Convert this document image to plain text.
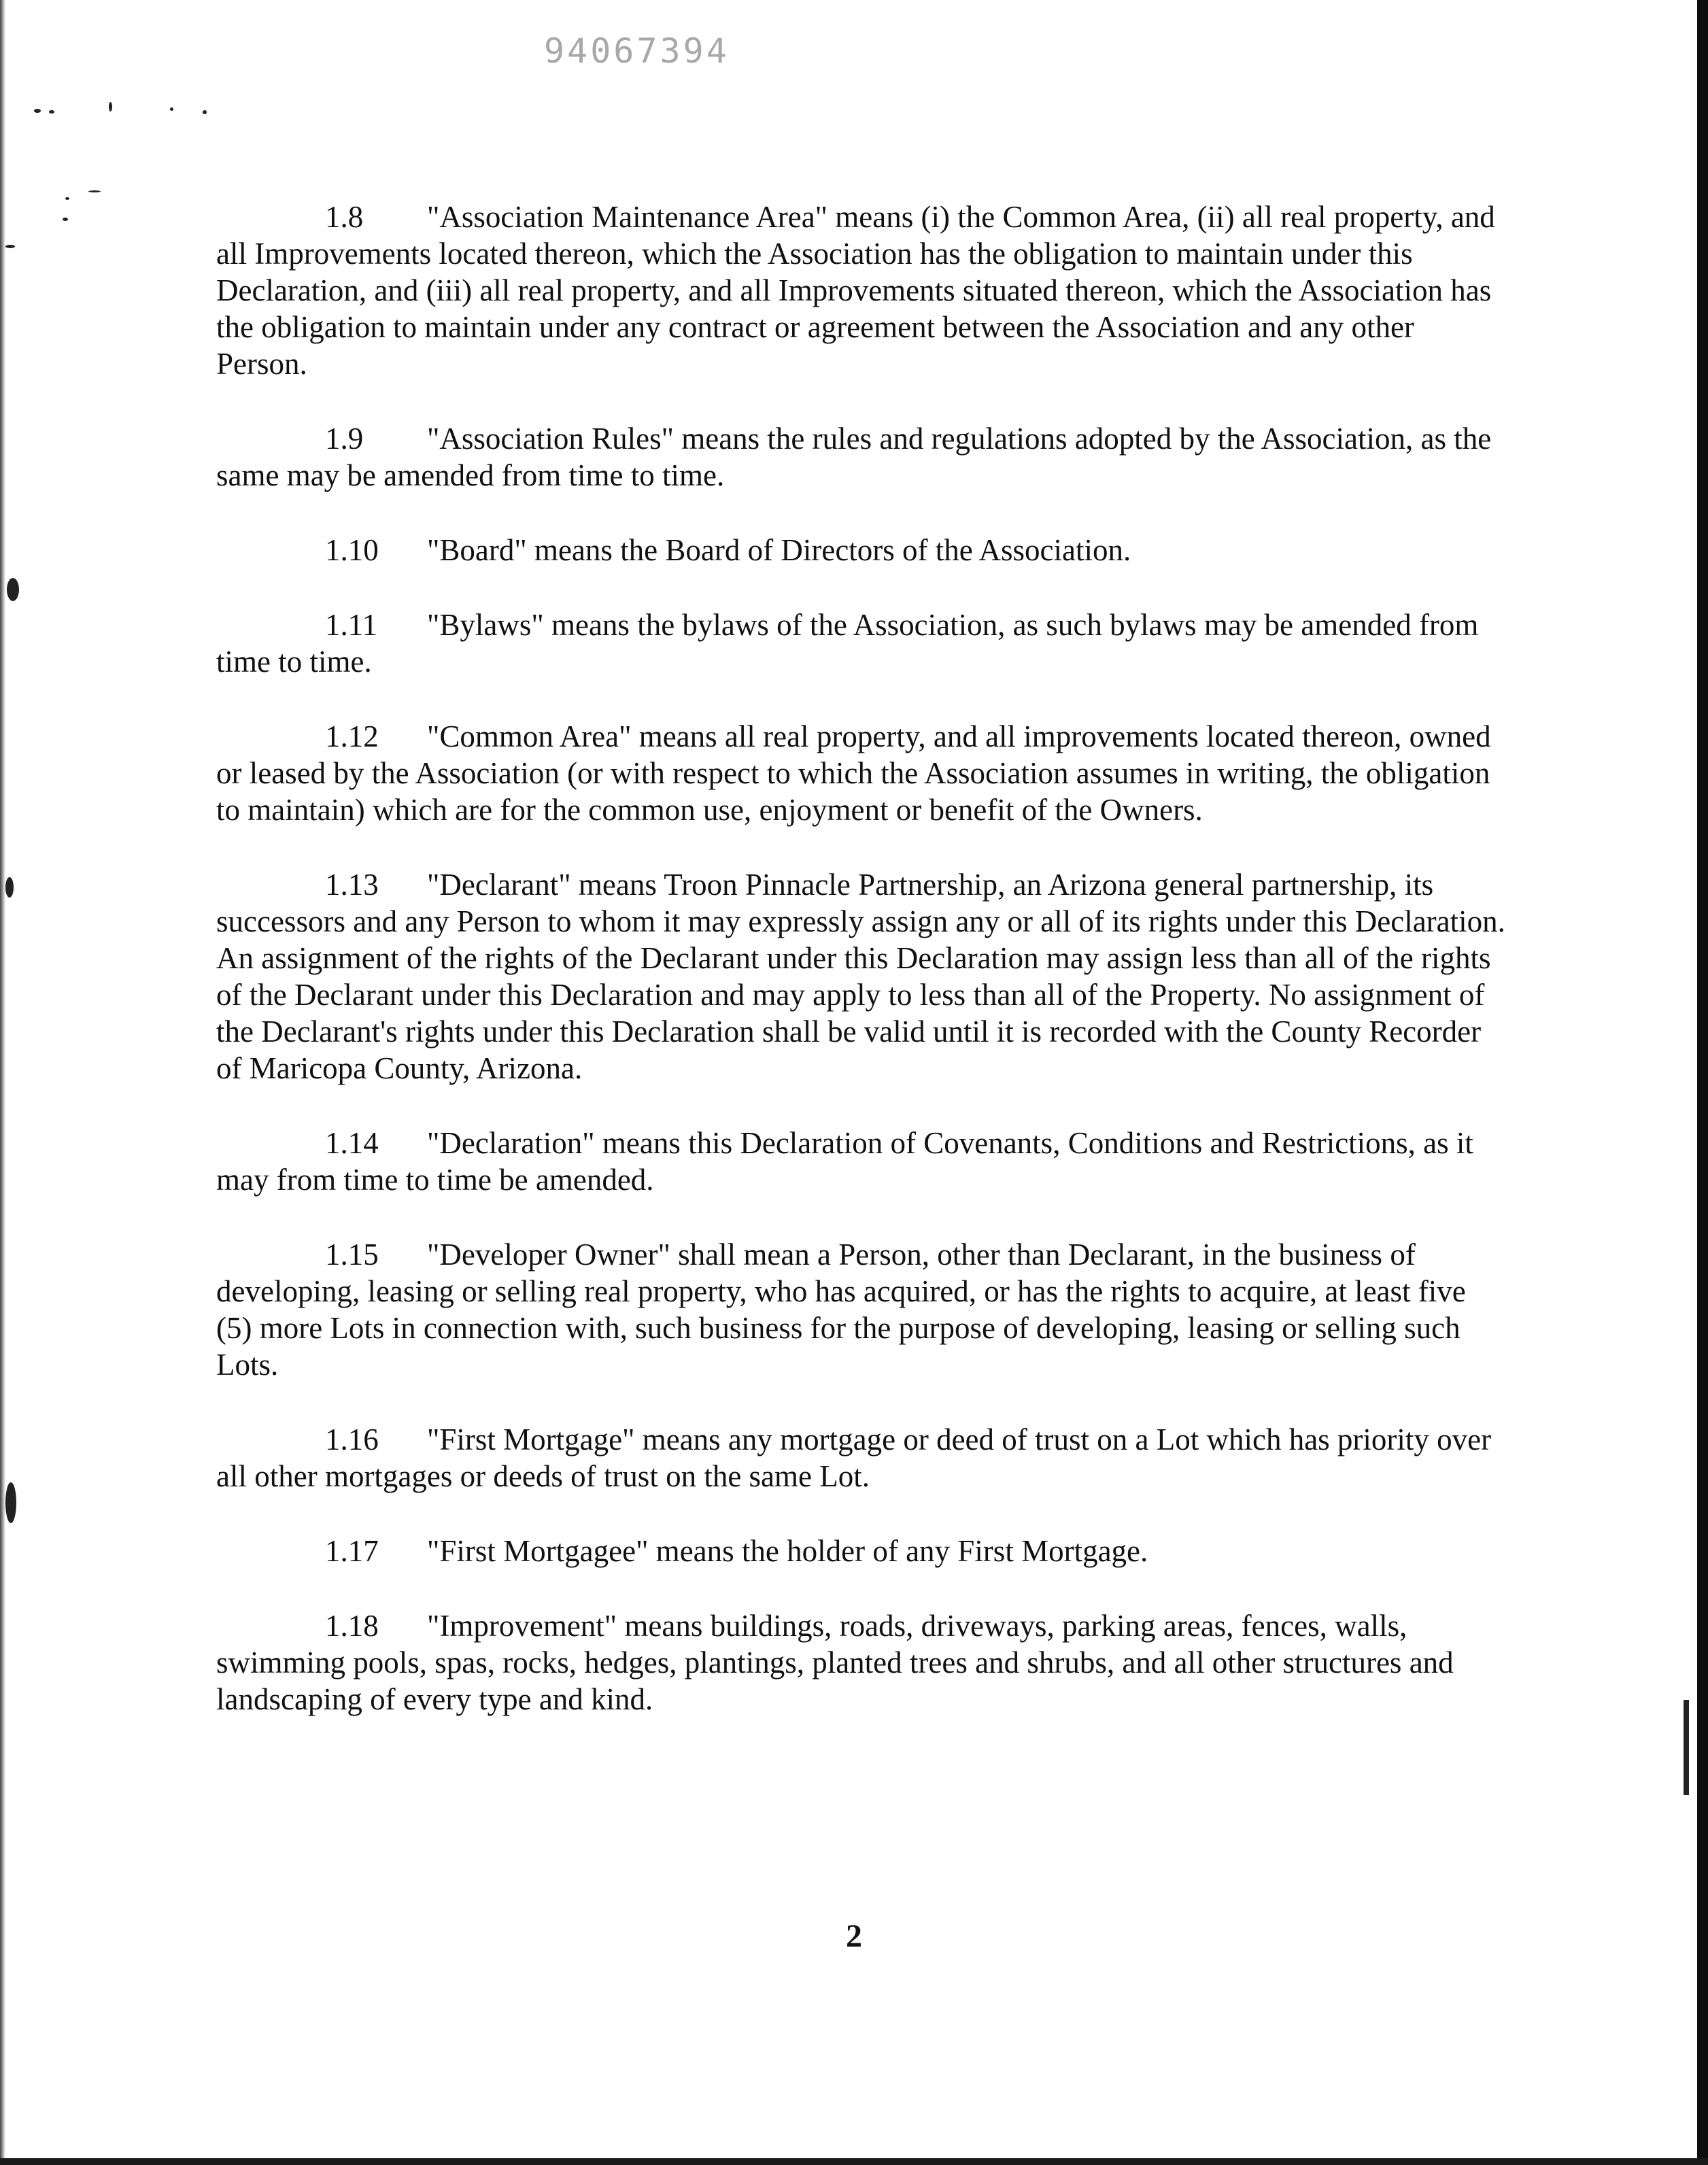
94067394

1.8 "Association Maintenance Area" means (i) the Common Area, (ii) all real property, and all Improvements located thereon, which the Association has the obligation to maintain under this Declaration, and (iii) all real property, and all Improvements situated thereon, which the Association has the obligation to maintain under any contract or agreement between the Association and any other Person.

1.9 "Association Rules" means the rules and regulations adopted by the Association, as the same may be amended from time to time.

1.10 "Board" means the Board of Directors of the Association.

1.11 "Bylaws" means the bylaws of the Association, as such bylaws may be amended from time to time.

1.12 "Common Area" means all real property, and all improvements located thereon, owned or leased by the Association (or with respect to which the Association assumes in writing, the obligation to maintain) which are for the common use, enjoyment or benefit of the Owners.

1.13 "Declarant" means Troon Pinnacle Partnership, an Arizona general partnership, its successors and any Person to whom it may expressly assign any or all of its rights under this Declaration. An assignment of the rights of the Declarant under this Declaration may assign less than all of the rights of the Declarant under this Declaration and may apply to less than all of the Property. No assignment of the Declarant's rights under this Declaration shall be valid until it is recorded with the County Recorder of Maricopa County, Arizona.

1.14 "Declaration" means this Declaration of Covenants, Conditions and Restrictions, as it may from time to time be amended.

1.15 "Developer Owner" shall mean a Person, other than Declarant, in the business of developing, leasing or selling real property, who has acquired, or has the rights to acquire, at least five (5) more Lots in connection with, such business for the purpose of developing, leasing or selling such Lots.

1.16 "First Mortgage" means any mortgage or deed of trust on a Lot which has priority over all other mortgages or deeds of trust on the same Lot.

1.17 "First Mortgagee" means the holder of any First Mortgage.

1.18 "Improvement" means buildings, roads, driveways, parking areas, fences, walls, swimming pools, spas, rocks, hedges, plantings, planted trees and shrubs, and all other structures and landscaping of every type and kind.

2
